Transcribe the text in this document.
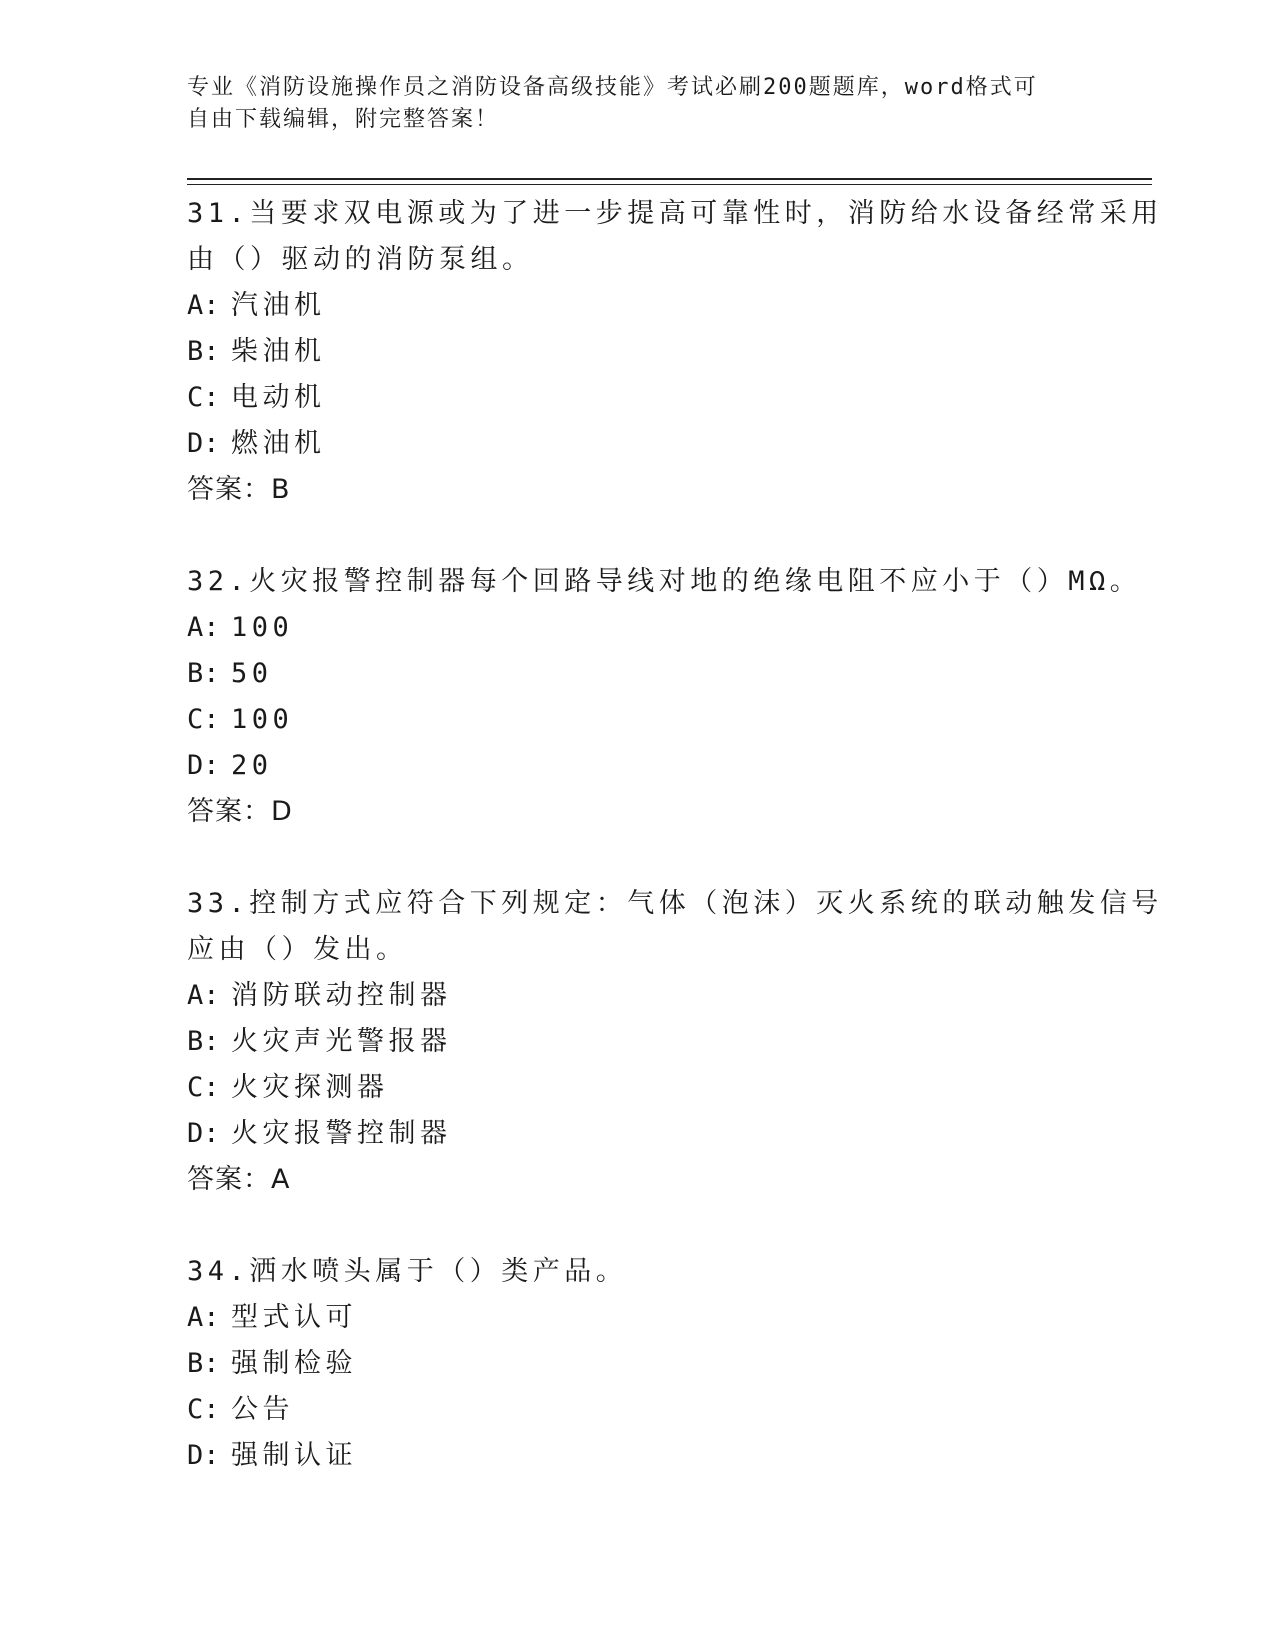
专业《消防设施操作员之消防设备高级技能》考试必刷200题题库，word格式可
自由下载编辑，附完整答案！
31.当要求双电源或为了进一步提高可靠性时，消防给水设备经常采用
由（）驱动的消防泵组。
A: 汽油机
B: 柴油机
C: 电动机
D: 燃油机
答案：B
32.火灾报警控制器每个回路导线对地的绝缘电阻不应小于（）MΩ。
A: 100
B: 50
C: 100
D: 20
答案：D
33.控制方式应符合下列规定：气体（泡沫）灭火系统的联动触发信号
应由（）发出。
A: 消防联动控制器
B: 火灾声光警报器
C: 火灾探测器
D: 火灾报警控制器
答案：A
34.洒水喷头属于（）类产品。
A: 型式认可
B: 强制检验
C: 公告
D: 强制认证
